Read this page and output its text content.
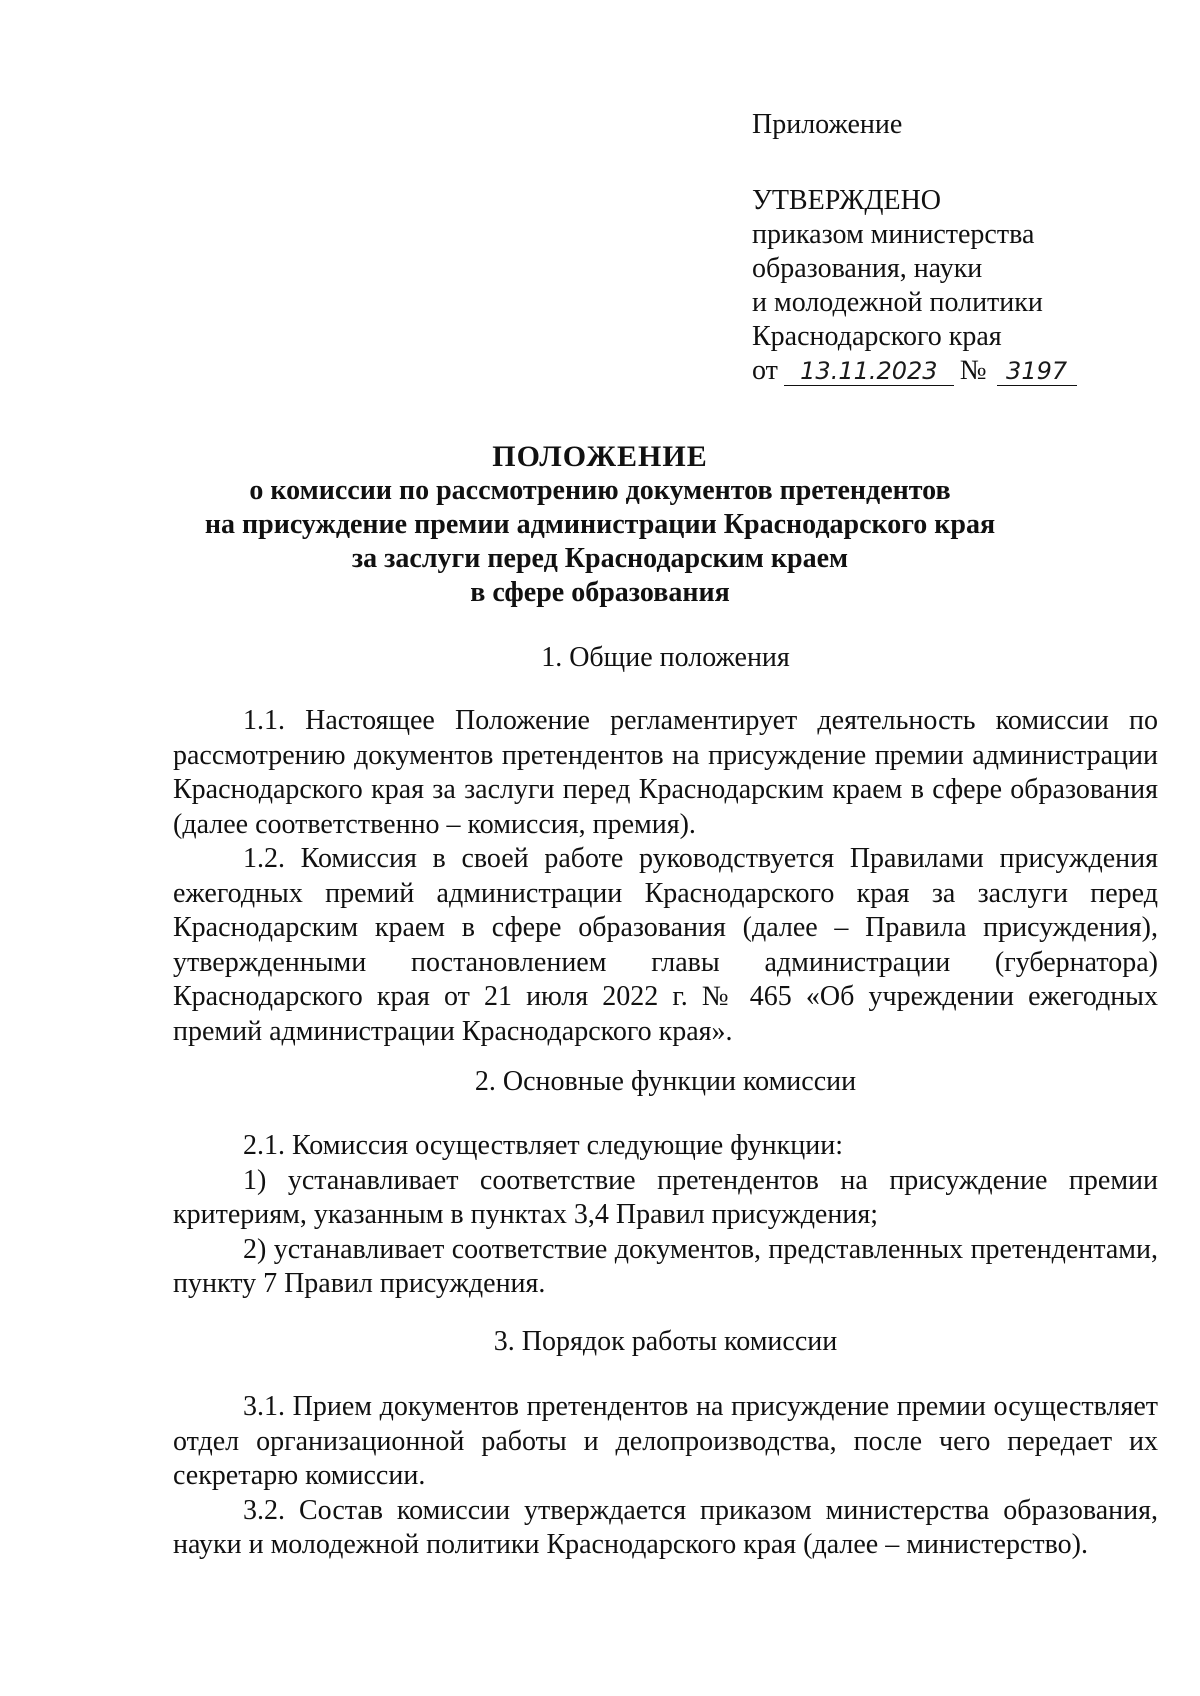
Приложение
УТВЕРЖДЕНО
приказом министерства
образования, науки
и молодежной политики
Краснодарского края
от 13.11.2023 № 3197
ПОЛОЖЕНИЕ
о комиссии по рассмотрению документов претендентов
на присуждение премии администрации Краснодарского края
за заслуги перед Краснодарским краем
в сфере образования
1. Общие положения

1.1. Настоящее Положение регламентирует деятельность комиссии по рассмотрению документов претендентов на присуждение премии администрации Краснодарского края за заслуги перед Краснодарским краем в сфере образования (далее соответственно – комиссия, премия).

1.2. Комиссия в своей работе руководствуется Правилами присуждения ежегодных премий администрации Краснодарского края за заслуги перед Краснодарским краем в сфере образования (далее – Правила присуждения), утвержденными постановлением главы администрации (губернатора) Краснодарского края от 21 июля 2022 г. № 465 «Об учреждении ежегодных премий администрации Краснодарского края».

2. Основные функции комиссии

2.1. Комиссия осуществляет следующие функции:

1) устанавливает соответствие претендентов на присуждение премии критериям, указанным в пунктах 3,4 Правил присуждения;

2) устанавливает соответствие документов, представленных претендентами, пункту 7 Правил присуждения.

3. Порядок работы комиссии

3.1. Прием документов претендентов на присуждение премии осуществляет отдел организационной работы и делопроизводства, после чего передает их секретарю комиссии.

3.2. Состав комиссии утверждается приказом министерства образования, науки и молодежной политики Краснодарского края (далее – министерство).
